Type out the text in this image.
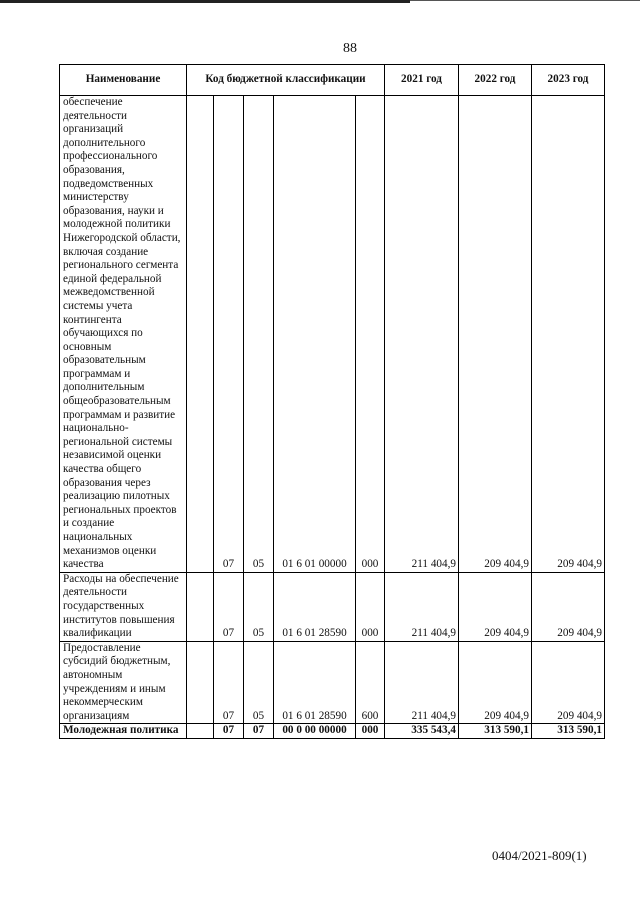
88
Наименование	Код бюджетной классификации					2021 год	2022 год	2023 год
обеспечение деятельности организаций дополнительного профессионального образования, подведомственных министерству образования, науки и молодежной политики Нижегородской области, включая создание регионального сегмента единой федеральной межведомственной системы учета контингента обучающихся по основным образовательным программам и дополнительным общеобразовательным программам и развитие национально-региональной системы независимой оценки качества общего образования через реализацию пилотных региональных проектов и создание национальных механизмов оценки качества		07	05	01 6 01 00000	000	211 404,9	209 404,9	209 404,9
Расходы на обеспечение деятельности государственных институтов повышения квалификации		07	05	01 6 01 28590	000	211 404,9	209 404,9	209 404,9
Предоставление субсидий бюджетным, автономным учреждениям и иным некоммерческим организациям		07	05	01 6 01 28590	600	211 404,9	209 404,9	209 404,9
Молодежная политика		07	07	00 0 00 00000	000	335 543,4	313 590,1	313 590,1
0404/2021-809(1)
